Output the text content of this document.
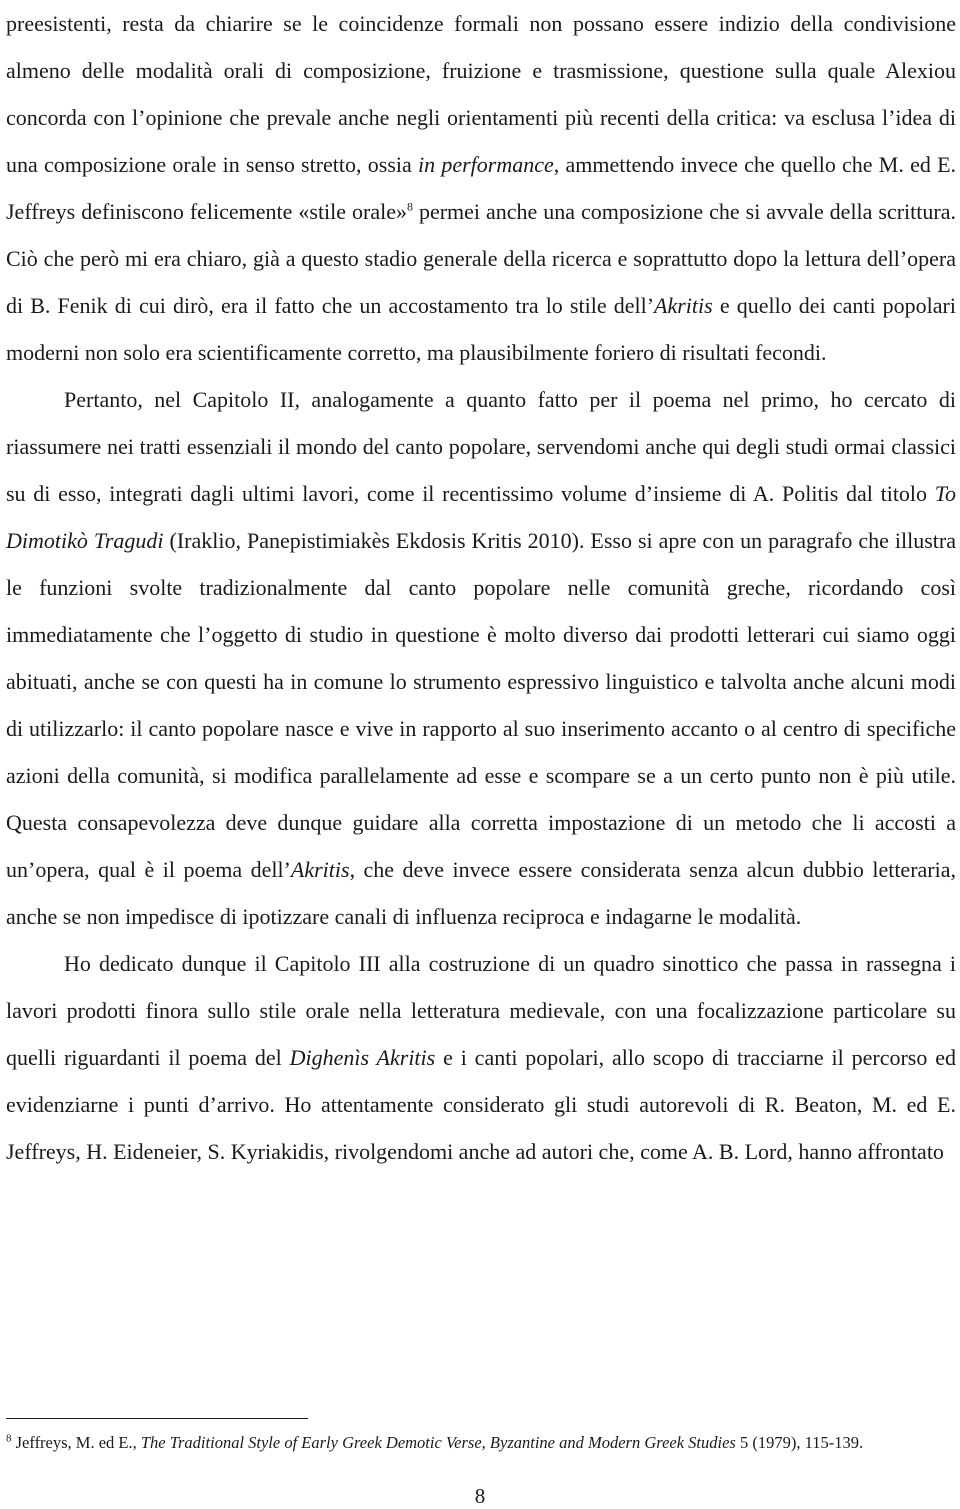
preesistenti, resta da chiarire se le coincidenze formali non possano essere indizio della condivisione almeno delle modalità orali di composizione, fruizione e trasmissione, questione sulla quale Alexiou concorda con l’opinione che prevale anche negli orientamenti più recenti della critica: va esclusa l’idea di una composizione orale in senso stretto, ossia in performance, ammettendo invece che quello che M. ed E. Jeffreys definiscono felicemente «stile orale»$^8$ permei anche una composizione che si avvale della scrittura. Ciò che però mi era chiaro, già a questo stadio generale della ricerca e soprattutto dopo la lettura dell’opera di B. Fenik di cui dirò, era il fatto che un accostamento tra lo stile dell’Akritis e quello dei canti popolari moderni non solo era scientificamente corretto, ma plausibilmente foriero di risultati fecondi.

Pertanto, nel Capitolo II, analogamente a quanto fatto per il poema nel primo, ho cercato di riassumere nei tratti essenziali il mondo del canto popolare, servendomi anche qui degli studi ormai classici su di esso, integrati dagli ultimi lavori, come il recentissimo volume d’insieme di A. Politis dal titolo To Dimotikò Tragudi (Iraklio, Panepistimiakès Ekdosis Kritis 2010). Esso si apre con un paragrafo che illustra le funzioni svolte tradizionalmente dal canto popolare nelle comunità greche, ricordando così immediatamente che l’oggetto di studio in questione è molto diverso dai prodotti letterari cui siamo oggi abituati, anche se con questi ha in comune lo strumento espressivo linguistico e talvolta anche alcuni modi di utilizzarlo: il canto popolare nasce e vive in rapporto al suo inserimento accanto o al centro di specifiche azioni della comunità, si modifica parallelamente ad esse e scompare se a un certo punto non è più utile. Questa consapevolezza deve dunque guidare alla corretta impostazione di un metodo che li accosti a un’opera, qual è il poema dell’Akritis, che deve invece essere considerata senza alcun dubbio letteraria, anche se non impedisce di ipotizzare canali di influenza reciproca e indagarne le modalità.

Ho dedicato dunque il Capitolo III alla costruzione di un quadro sinottico che passa in rassegna i lavori prodotti finora sullo stile orale nella letteratura medievale, con una focalizzazione particolare su quelli riguardanti il poema del Dighenìs Akritis e i canti popolari, allo scopo di tracciarne il percorso ed evidenziarne i punti d’arrivo. Ho attentamente considerato gli studi autorevoli di R. Beaton, M. ed E. Jeffreys, H. Eideneier, S. Kyriakidis, rivolgendomi anche ad autori che, come A. B. Lord, hanno affrontato

$^8$ Jeffreys, M. ed E., The Traditional Style of Early Greek Demotic Verse, Byzantine and Modern Greek Studies 5 (1979), 115-139.

8
